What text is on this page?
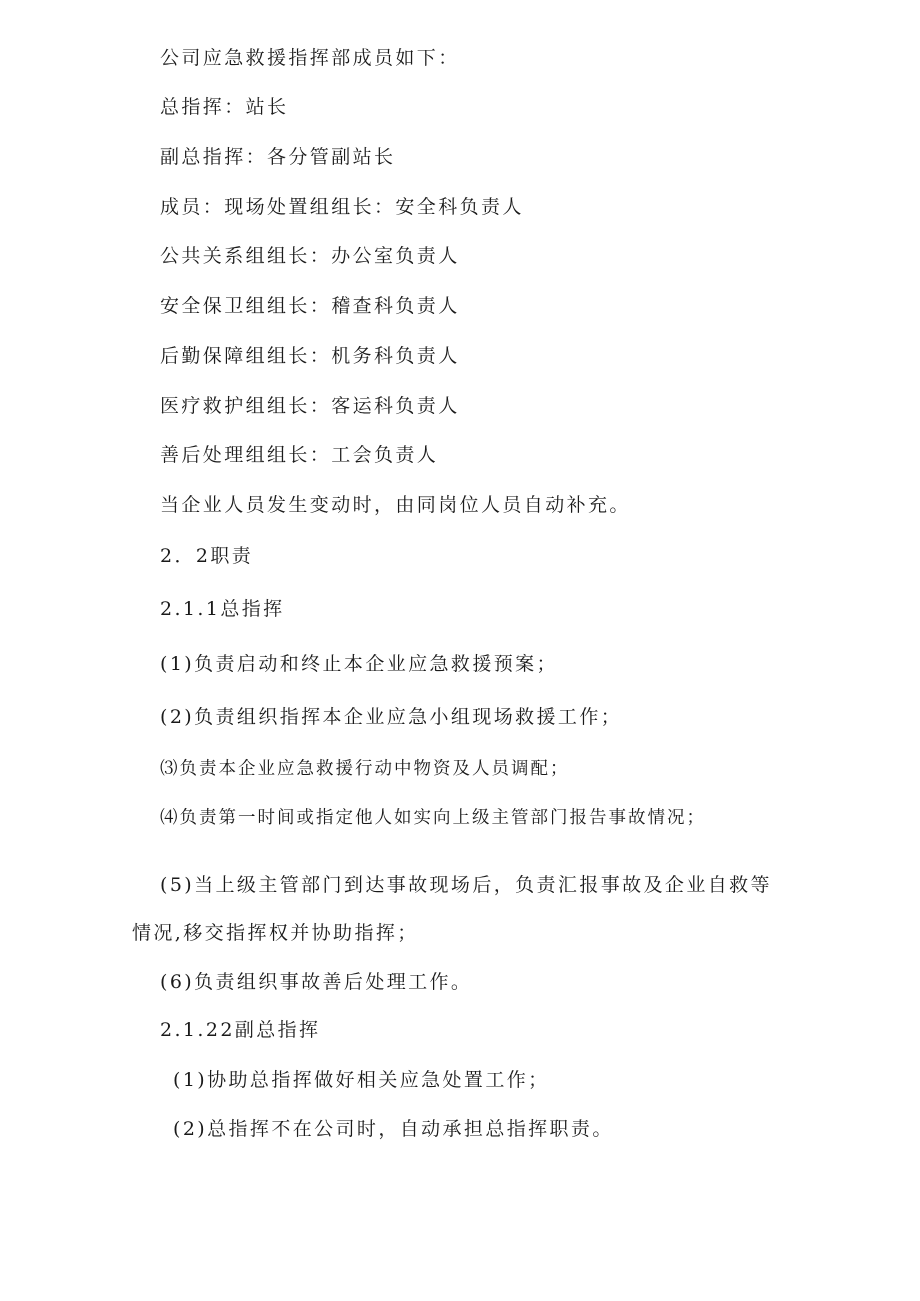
公司应急救援指挥部成员如下：
总指挥：站长
副总指挥：各分管副站长
成员：现场处置组组长：安全科负责人
公共关系组组长：办公室负责人
安全保卫组组长：稽查科负责人
后勤保障组组长：机务科负责人
医疗救护组组长：客运科负责人
善后处理组组长：工会负责人
当企业人员发生变动时，由同岗位人员自动补充。
2．2职责
2.1.1总指挥
(1)负责启动和终止本企业应急救援预案；
(2)负责组织指挥本企业应急小组现场救援工作；
⑶负责本企业应急救援行动中物资及人员调配；
⑷负责第一时间或指定他人如实向上级主管部门报告事故情况；
(5)当上级主管部门到达事故现场后，负责汇报事故及企业自救等
情况,移交指挥权并协助指挥；
(6)负责组织事故善后处理工作。
2.1.22副总指挥
(1)协助总指挥做好相关应急处置工作；
(2)总指挥不在公司时，自动承担总指挥职责。
